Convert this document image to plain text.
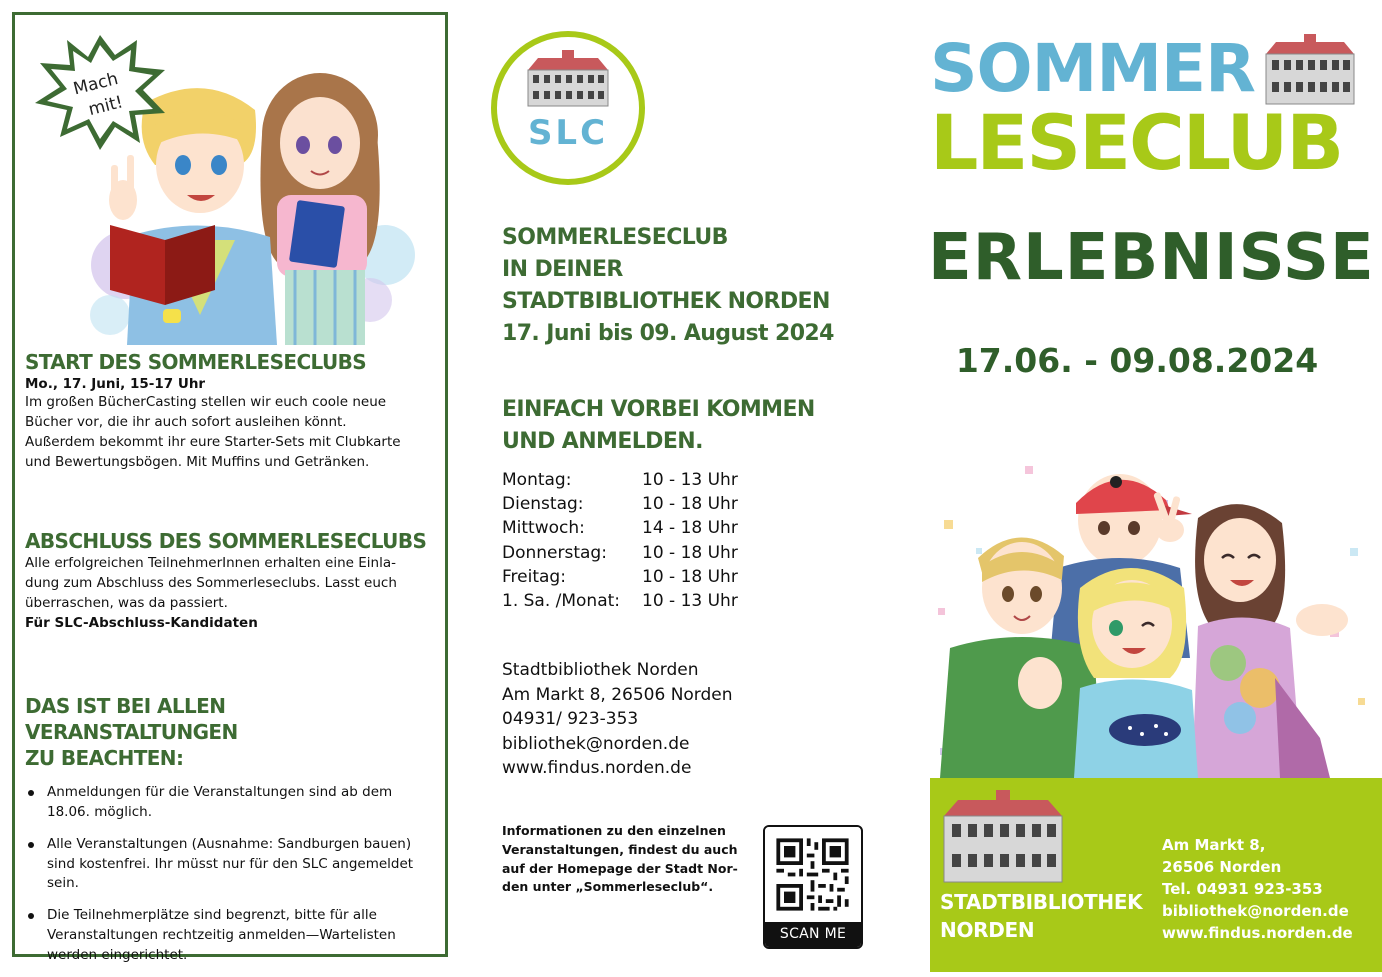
Mach
mit!
START DES SOMMERLESECLUBS
Mo., 17. Juni, 15-17 Uhr
Im großen BücherCasting stellen wir euch coole neue
Bücher vor, die ihr auch sofort ausleihen könnt.
Außerdem bekommt ihr eure Starter-Sets mit Clubkarte
und Bewertungsbögen. Mit Muffins und Getränken.
ABSCHLUSS DES SOMMERLESECLUBS
Alle erfolgreichen TeilnehmerInnen erhalten eine Einla-
dung zum Abschluss des Sommerleseclubs. Lasst euch
überraschen, was da passiert.
Für SLC-Abschluss-Kandidaten
DAS IST BEI ALLEN VERANSTALTUNGEN
ZU BEACHTEN:
Anmeldungen für die Veranstaltungen sind ab dem
18.06. möglich.
Alle Veranstaltungen (Ausnahme: Sandburgen bauen)
sind kostenfrei. Ihr müsst nur für den SLC angemeldet
sein.
Die Teilnehmerplätze sind begrenzt, bitte für alle
Veranstaltungen rechtzeitig anmelden—Wartelisten
werden eingerichtet.
SLC
SOMMERLESECLUB
IN DEINER
STADTBIBLIOTHEK NORDEN
17. Juni bis 09. August 2024
EINFACH VORBEI KOMMEN
UND ANMELDEN.
Montag:	10 - 13 Uhr
Dienstag:	10 - 18 Uhr
Mittwoch:	14 - 18 Uhr
Donnerstag:	10 - 18 Uhr
Freitag:	10 - 18 Uhr
1. Sa. /Monat:	10 - 13 Uhr
Stadtbibliothek Norden
Am Markt 8, 26506 Norden
04931/ 923-353
bibliothek@norden.de
www.findus.norden.de
Informationen zu den einzelnen
Veranstaltungen, findest du auch
auf der Homepage der Stadt Nor-
den unter „Sommerleseclub“.
SCAN ME
SOMMER
LESECLUB
ERLEBNISSE
17.06. - 09.08.2024
STADTBIBLIOTHEK
NORDEN
Am Markt 8,
26506 Norden
Tel. 04931 923-353
bibliothek@norden.de
www.findus.norden.de
